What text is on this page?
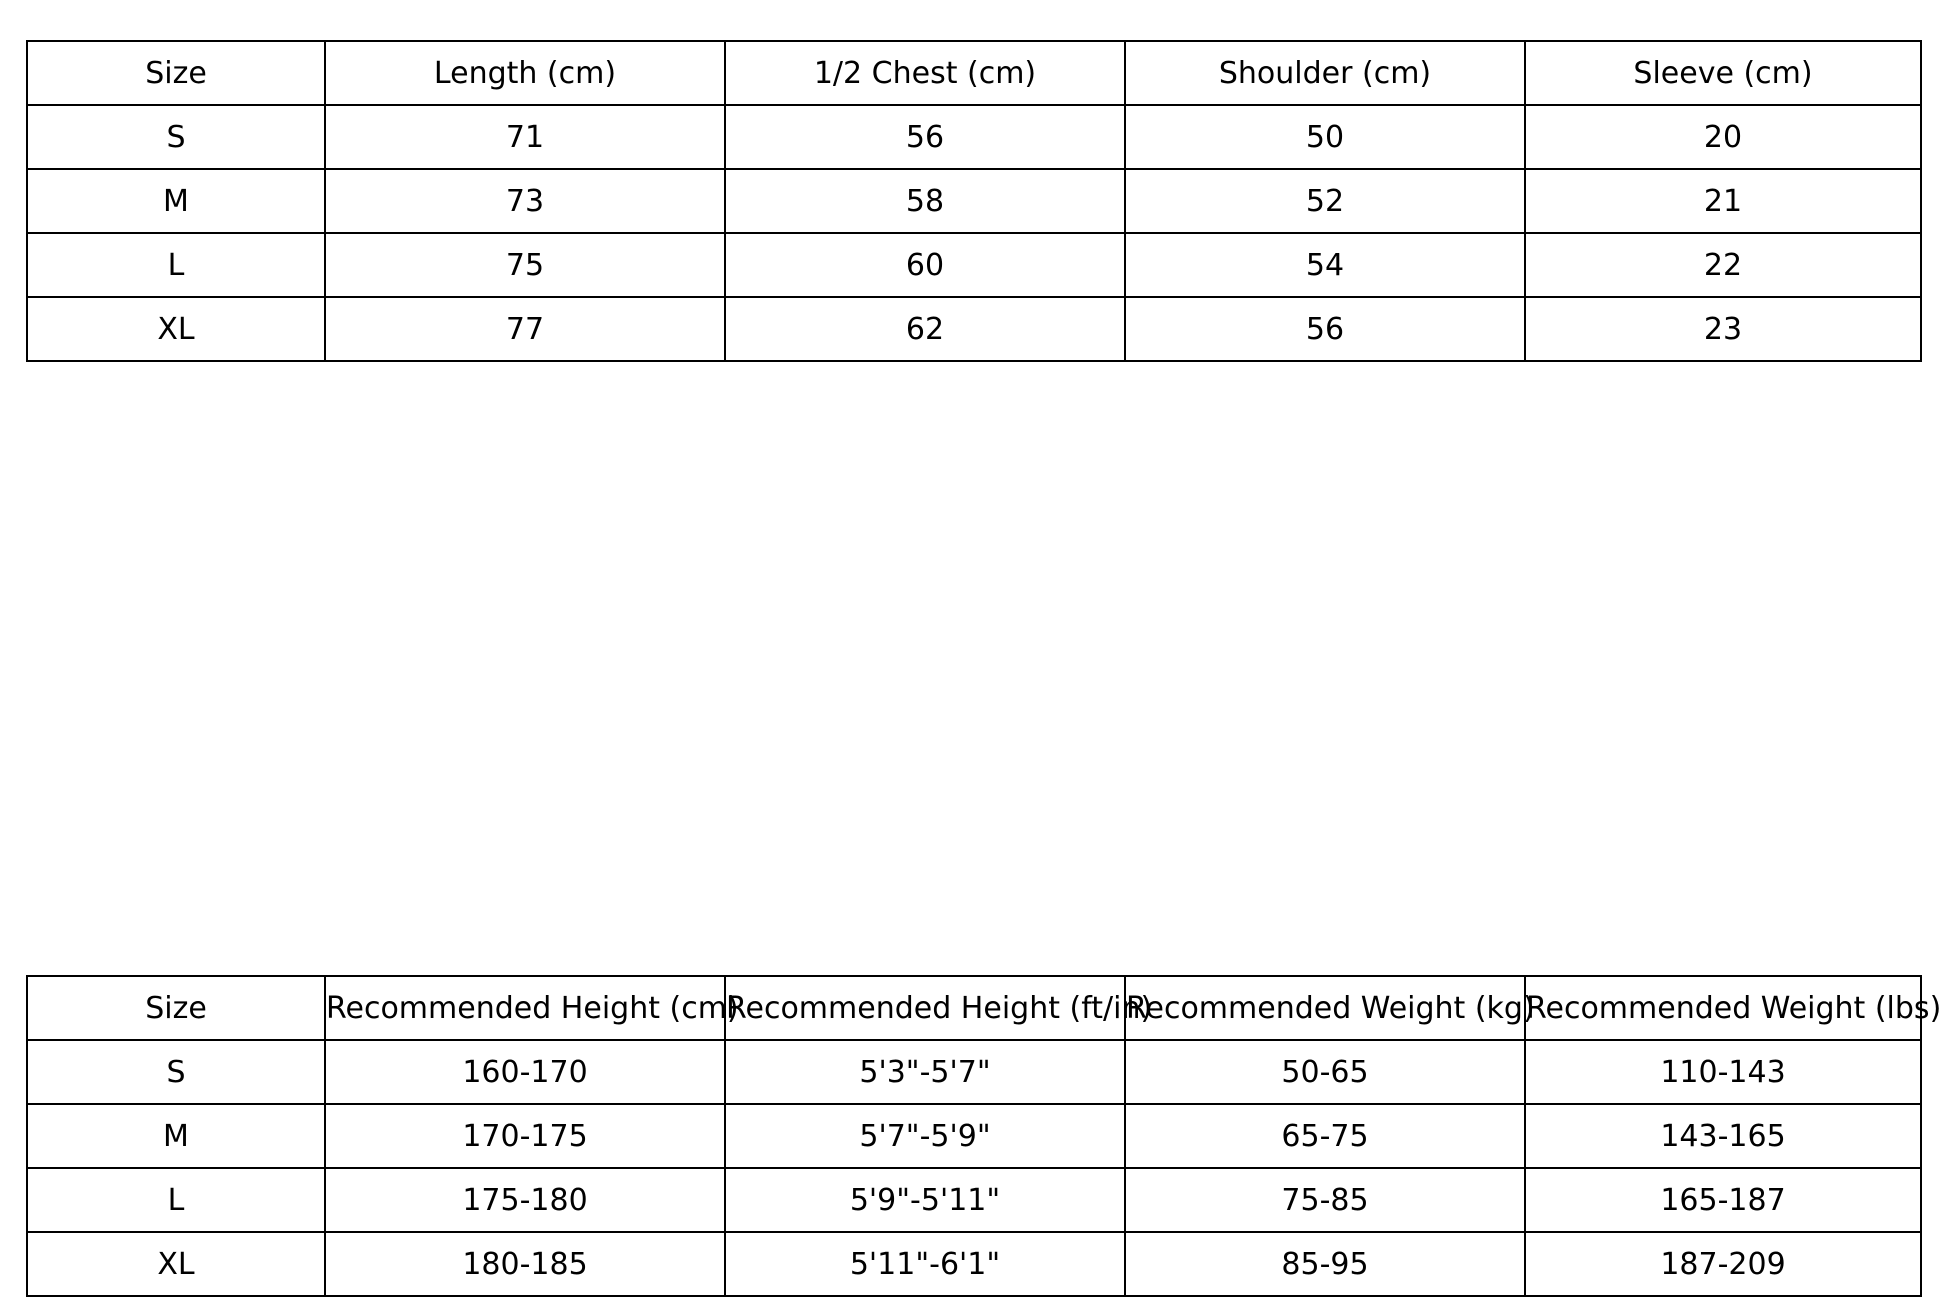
Size	Length (cm)	1/2 Chest (cm)	Shoulder (cm)	Sleeve (cm)
S	71	56	50	20
M	73	58	52	21
L	75	60	54	22
XL	77	62	56	23
Size	Recommended Height (cm)	Recommended Height (ft/in)	Recommended Weight (kg)	Recommended Weight (lbs)

S	160-170	5'3"-5'7"	50-65	110-143
M	170-175	5'7"-5'9"	65-75	143-165
L	175-180	5'9"-5'11"	75-85	165-187
XL	180-185	5'11"-6'1"	85-95	187-209
